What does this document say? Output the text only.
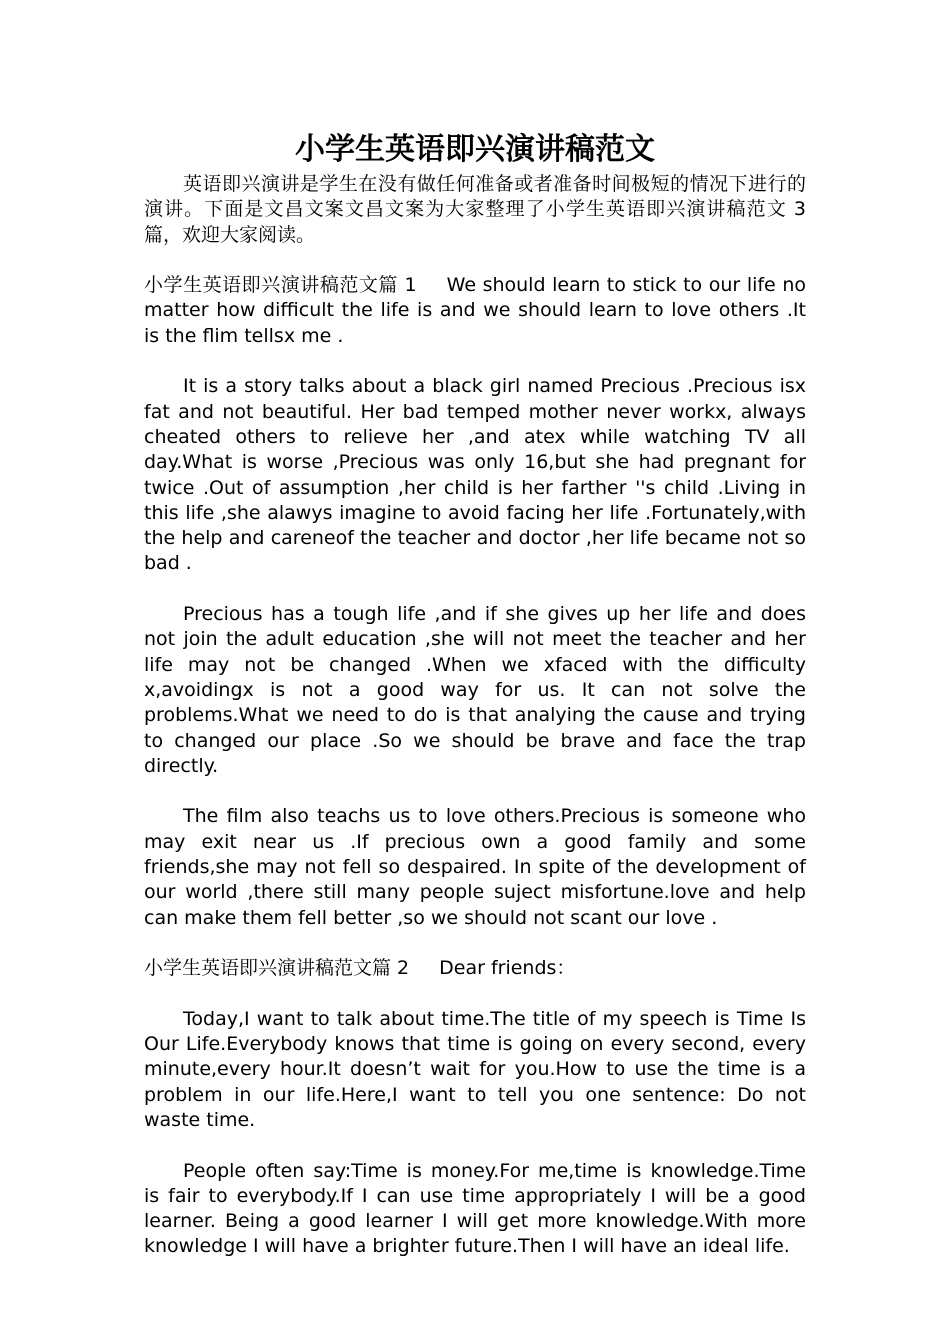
小学生英语即兴演讲稿范文

英语即兴演讲是学生在没有做任何准备或者准备时间极短的情况下进行的演讲。下面是文昌文案文昌文案为大家整理了小学生英语即兴演讲稿范文 3 篇，欢迎大家阅读。

小学生英语即兴演讲稿范文篇 1 We should learn to stick to our life no matter how difficult the life is and we should learn to love others .It is the flim tellsx me .

It is a story talks about a black girl named Precious .Precious isx fat and not beautiful. Her bad temped mother never workx, always cheated others to relieve her ,and atex while watching TV all day.What is worse ,Precious was only 16,but she had pregnant for twice .Out of assumption ,her child is her farther ''s child .Living in this life ,she alawys imagine to avoid facing her life .Fortunately,with the help and careneof the teacher and doctor ,her life became not so bad .

Precious has a tough life ,and if she gives up her life and does not join the adult education ,she will not meet the teacher and her life may not be changed .When we xfaced with the difficulty x,avoidingx is not a good way for us. It can not solve the problems.What we need to do is that analying the cause and trying to changed our place .So we should be brave and face the trap directly.

The film also teachs us to love others.Precious is someone who may exit near us .If precious own a good family and some friends,she may not fell so despaired. In spite of the development of our world ,there still many people suject misfortune.love and help can make them fell better ,so we should not scant our love .

小学生英语即兴演讲稿范文篇 2 Dear friends：

Today,I want to talk about time.The title of my speech is Time Is Our Life.Everybody knows that time is going on every second, every minute,every hour.It doesn’t wait for you.How to use the time is a problem in our life.Here,I want to tell you one sentence: Do not waste time.

People often say:Time is money.For me,time is knowledge.Time is fair to everybody.If I can use time appropriately I will be a good learner. Being a good learner I will get more knowledge.With more knowledge I will have a brighter future.Then I will have an ideal life.
